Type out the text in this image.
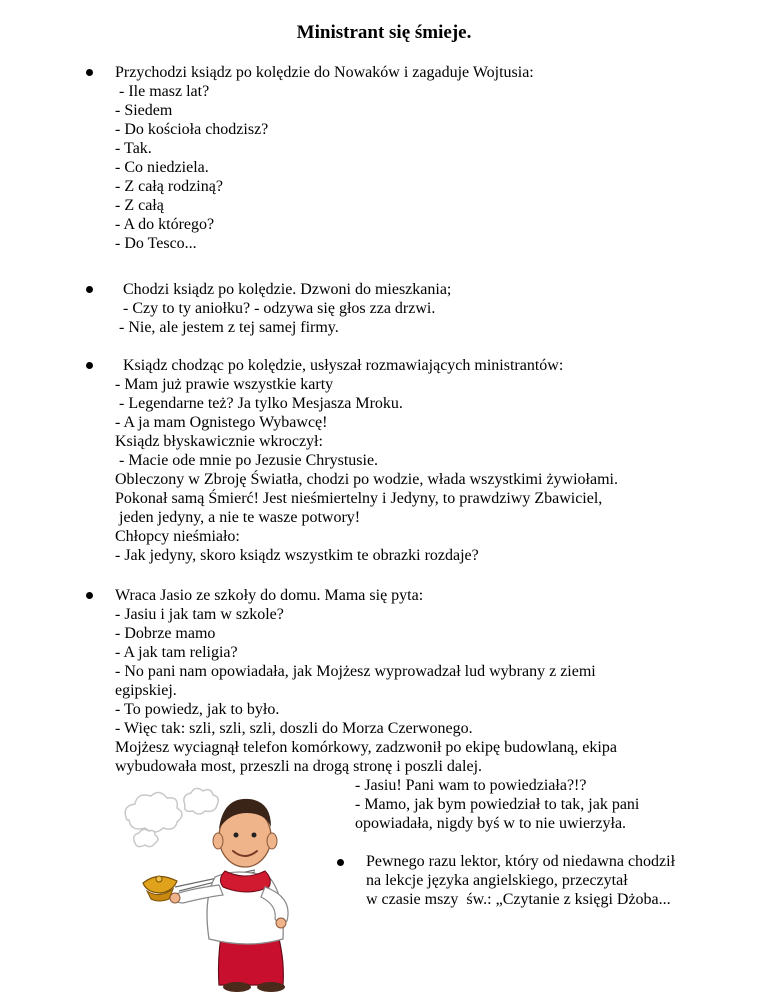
Ministrant się śmieje.
Przychodzi ksiądz po kolędzie do Nowaków i zagaduje Wojtusia:
- Ile masz lat?
- Siedem
- Do kościoła chodzisz?
- Tak.
- Co niedziela.
- Z całą rodziną?
- Z całą
- A do którego?
- Do Tesco...
Chodzi ksiądz po kolędzie. Dzwoni do mieszkania;
- Czy to ty aniołku? - odzywa się głos zza drzwi.
- Nie, ale jestem z tej samej firmy.
Ksiądz chodząc po kolędzie, usłyszał rozmawiających ministrantów:
- Mam już prawie wszystkie karty
- Legendarne też? Ja tylko Mesjasza Mroku.
- A ja mam Ognistego Wybawcę!
Ksiądz błyskawicznie wkroczył:
- Macie ode mnie po Jezusie Chrystusie.
Obleczony w Zbroję Światła, chodzi po wodzie, włada wszystkimi żywiołami.
Pokonał samą Śmierć! Jest nieśmiertelny i Jedyny, to prawdziwy Zbawiciel,
jeden jedyny, a nie te wasze potwory!
Chłopcy nieśmiało:
- Jak jedyny, skoro ksiądz wszystkim te obrazki rozdaje?
Wraca Jasio ze szkoły do domu. Mama się pyta:
- Jasiu i jak tam w szkole?
- Dobrze mamo
- A jak tam religia?
- No pani nam opowiadała, jak Mojżesz wyprowadzał lud wybrany z ziemi
egipskiej.
- To powiedz, jak to było.
- Więc tak: szli, szli, szli, doszli do Morza Czerwonego.
Mojżesz wyciagnął telefon komórkowy, zadzwonił po ekipę budowlaną, ekipa
wybudowała most, przeszli na drogą stronę i poszli dalej.
- Jasiu! Pani wam to powiedziała?!?
- Mamo, jak bym powiedział to tak, jak pani
opowiadała, nigdy byś w to nie uwierzyła.
Pewnego razu lektor, który od niedawna chodził
na lekcje języka angielskiego, przeczytał
w czasie mszy  św.: „Czytanie z księgi Dżoba...
